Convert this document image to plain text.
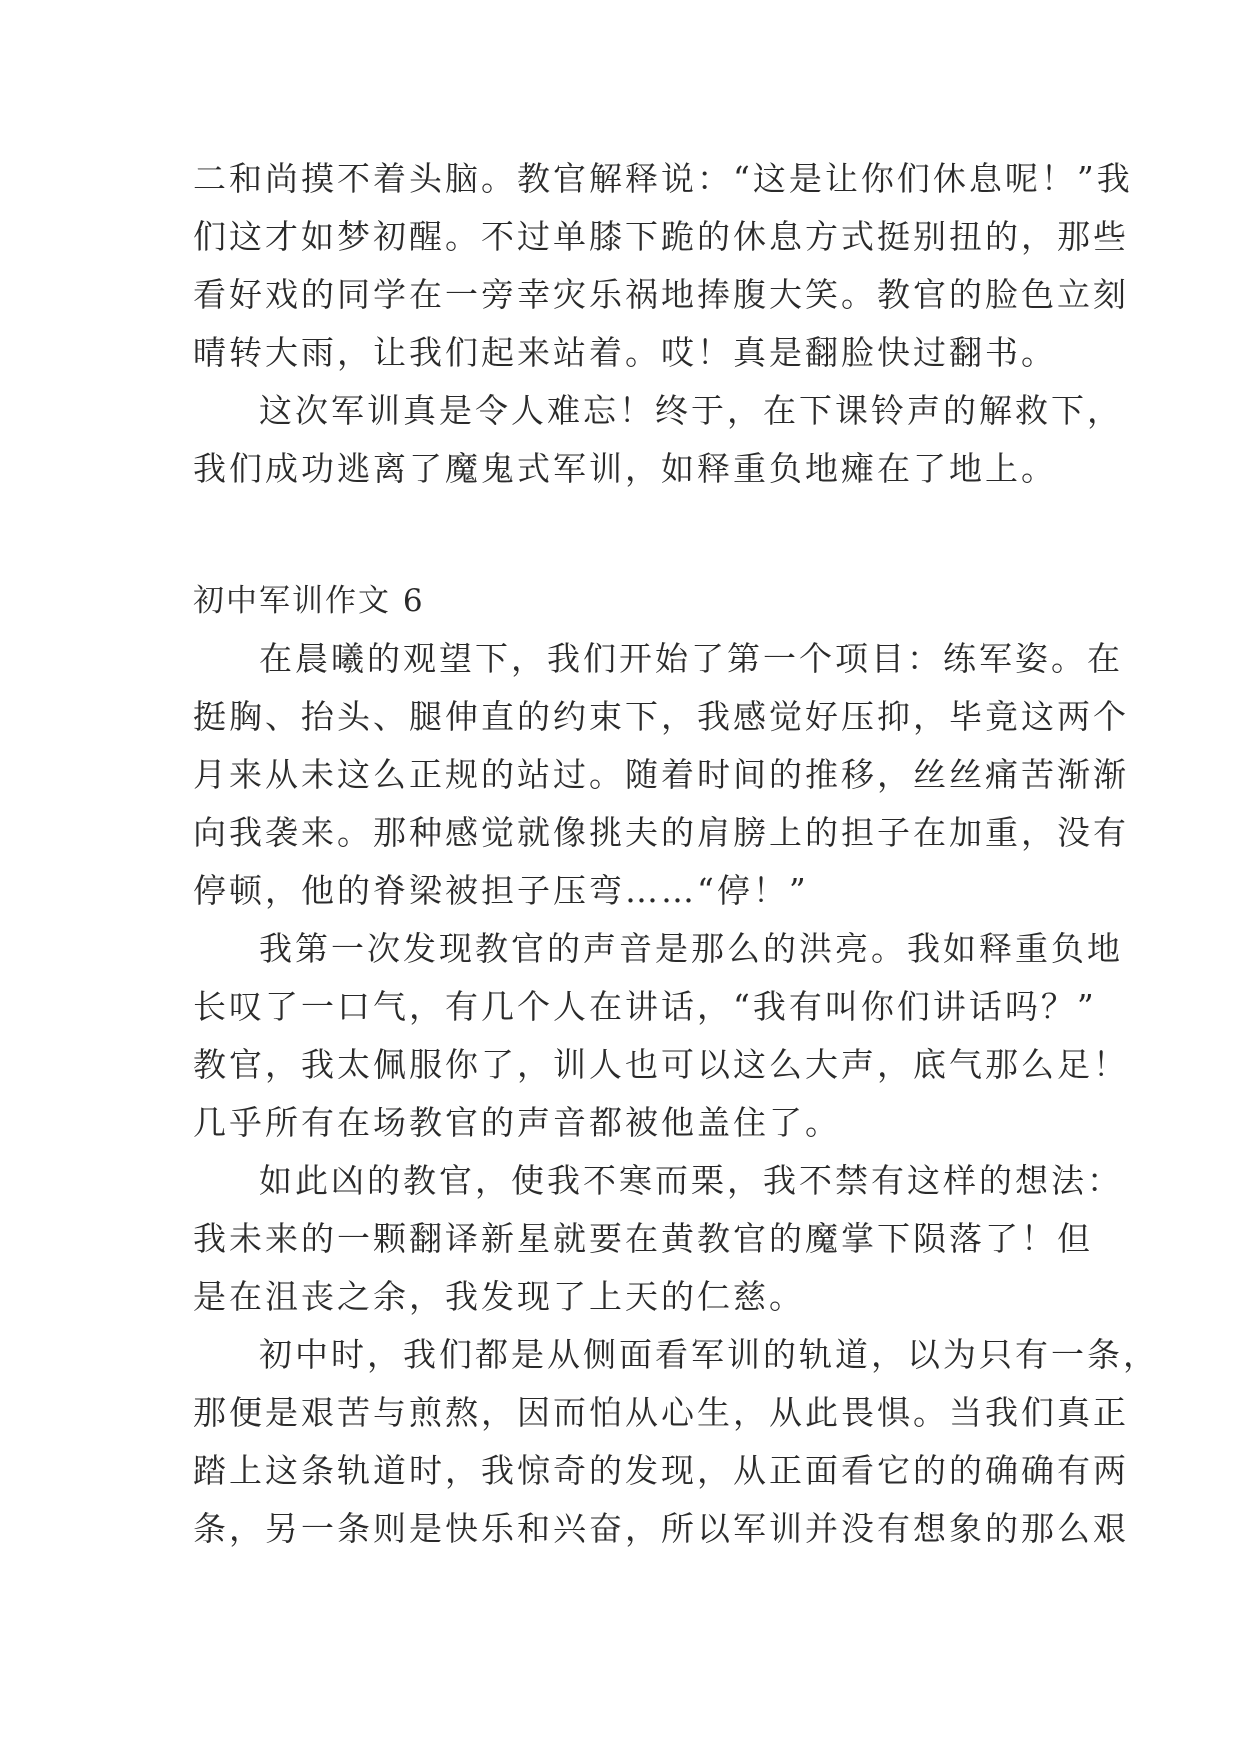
二和尚摸不着头脑。教官解释说：“这是让你们休息呢！”我
们这才如梦初醒。不过单膝下跪的休息方式挺别扭的，那些
看好戏的同学在一旁幸灾乐祸地捧腹大笑。教官的脸色立刻
晴转大雨，让我们起来站着。哎！真是翻脸快过翻书。
这次军训真是令人难忘！终于，在下课铃声的解救下，
我们成功逃离了魔鬼式军训，如释重负地瘫在了地上。
初中军训作文 6
在晨曦的观望下，我们开始了第一个项目：练军姿。在
挺胸、抬头、腿伸直的约束下，我感觉好压抑，毕竟这两个
月来从未这么正规的站过。随着时间的推移，丝丝痛苦渐渐
向我袭来。那种感觉就像挑夫的肩膀上的担子在加重，没有
停顿，他的脊梁被担子压弯……“停！”
我第一次发现教官的声音是那么的洪亮。我如释重负地
长叹了一口气，有几个人在讲话，“我有叫你们讲话吗？”
教官，我太佩服你了，训人也可以这么大声，底气那么足！
几乎所有在场教官的声音都被他盖住了。
如此凶的教官，使我不寒而栗，我不禁有这样的想法：
我未来的一颗翻译新星就要在黄教官的魔掌下陨落了！但
是在沮丧之余，我发现了上天的仁慈。
初中时，我们都是从侧面看军训的轨道，以为只有一条，
那便是艰苦与煎熬，因而怕从心生，从此畏惧。当我们真正
踏上这条轨道时，我惊奇的发现，从正面看它的的确确有两
条，另一条则是快乐和兴奋，所以军训并没有想象的那么艰
